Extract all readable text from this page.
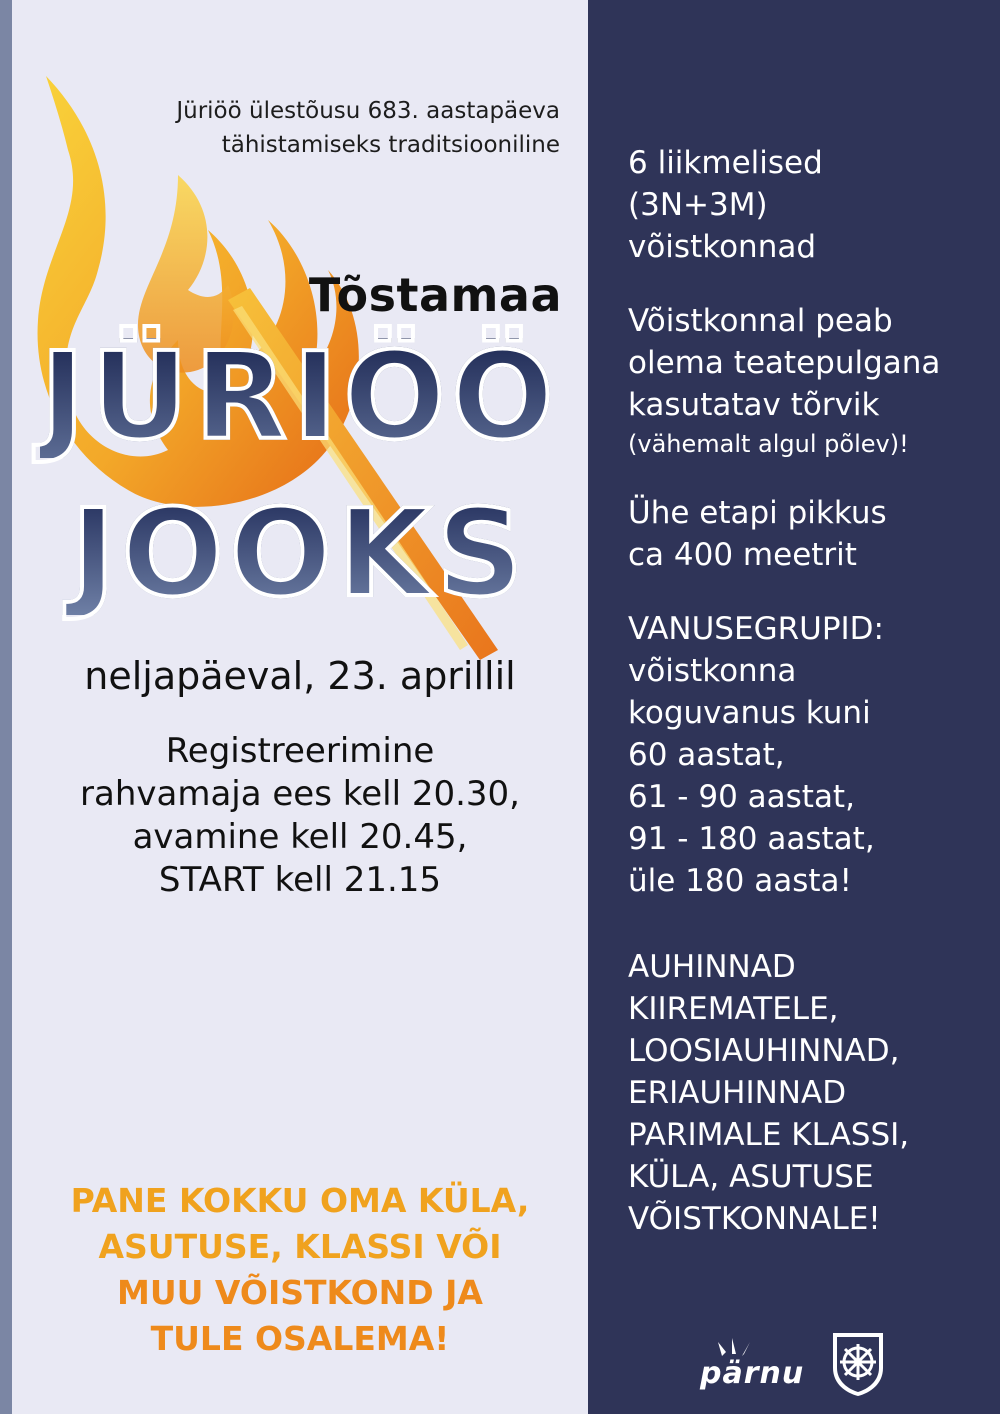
Jüriöö ülestõusu 683. aastapäeva
tähistamiseks traditsiooniline
Tõstamaa
JÜRIÖÖ
JOOKS
neljapäeval, 23. aprillil
Registreerimine
rahvamaja ees kell 20.30,
avamine kell 20.45,
START kell 21.15
PANE KOKKU OMA KÜLA,
ASUTUSE, KLASSI VÕI
MUU VÕISTKOND JA
TULE OSALEMA!
6 liikmelised
(3N+3M)
võistkonnad
Võistkonnal peab
olema teatepulgana
kasutatav tõrvik
(vähemalt algul põlev)!
Ühe etapi pikkus
ca 400 meetrit
VANUSEGRUPID:
võistkonna
koguvanus kuni
60 aastat,
61 - 90 aastat,
91 - 180 aastat,
üle 180 aasta!
AUHINNAD
KIIREMATELE,
LOOSIAUHINNAD,
ERIAUHINNAD
PARIMALE KLASSI,
KÜLA, ASUTUSE
VÕISTKONNALE!
pärnu
